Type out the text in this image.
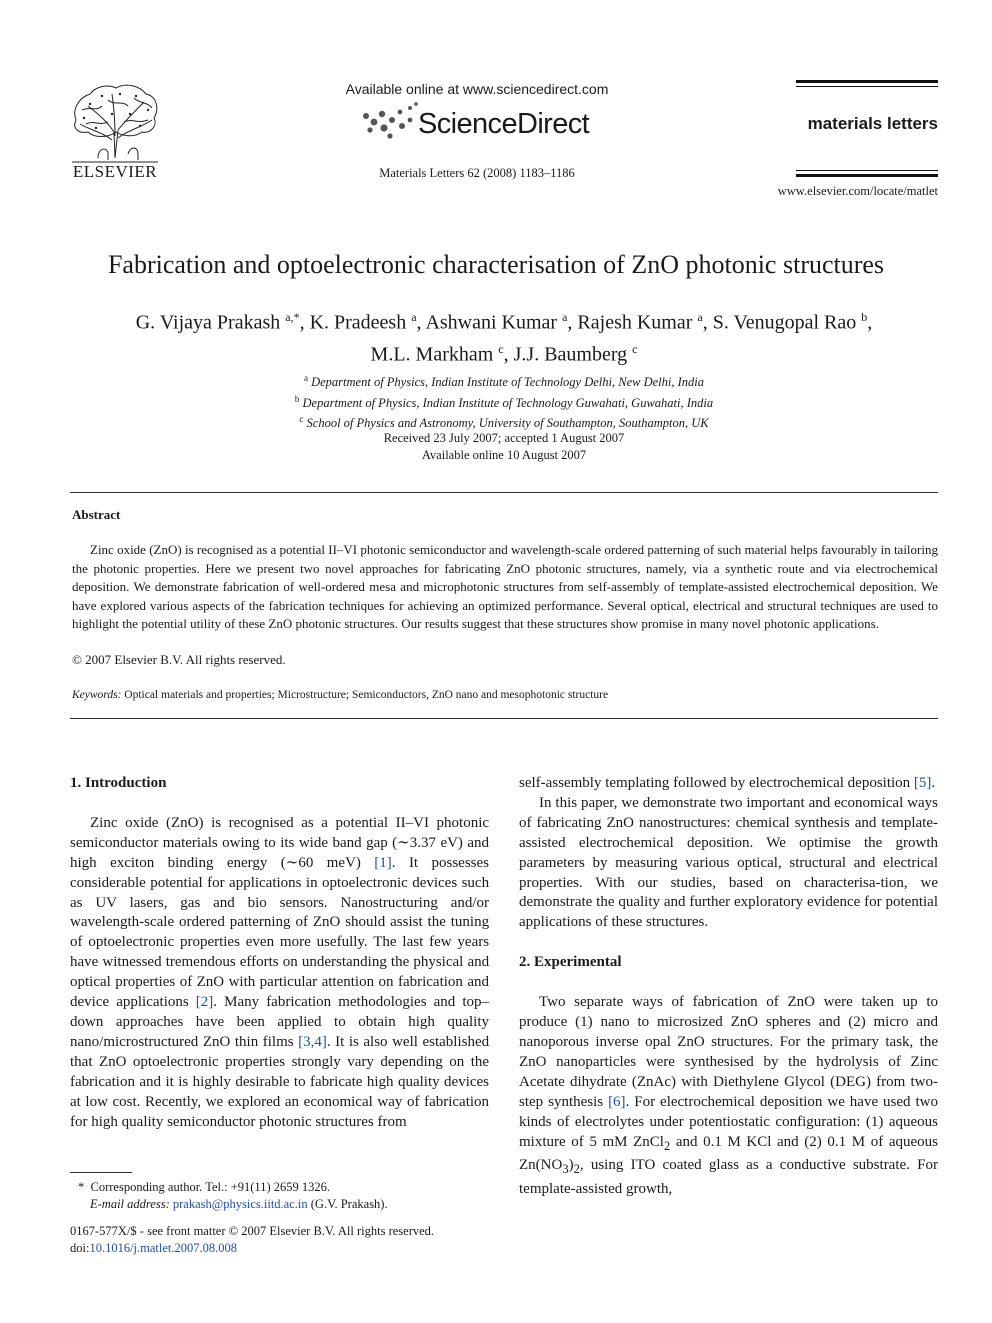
ELSEVIER
Available online at www.sciencedirect.com
ScienceDirect
Materials Letters 62 (2008) 1183–1186
materials letters
www.elsevier.com/locate/matlet
Fabrication and optoelectronic characterisation of ZnO photonic structures
G. Vijaya Prakash $^{a,*}$, K. Pradeesh $^a$, Ashwani Kumar $^a$, Rajesh Kumar $^a$, S. Venugopal Rao $^b$,
M.L. Markham $^c$, J.J. Baumberg $^c$
$^a$ Department of Physics, Indian Institute of Technology Delhi, New Delhi, India
$^b$ Department of Physics, Indian Institute of Technology Guwahati, Guwahati, India
$^c$ School of Physics and Astronomy, University of Southampton, Southampton, UK
Received 23 July 2007; accepted 1 August 2007
Available online 10 August 2007
Abstract

Zinc oxide (ZnO) is recognised as a potential II–VI photonic semiconductor and wavelength-scale ordered patterning of such material helps favourably in tailoring the photonic properties. Here we present two novel approaches for fabricating ZnO photonic structures, namely, via a synthetic route and via electrochemical deposition. We demonstrate fabrication of well-ordered mesa and microphotonic structures from self-assembly of template-assisted electrochemical deposition. We have explored various aspects of the fabrication techniques for achieving an optimized performance. Several optical, electrical and structural techniques are used to highlight the potential utility of these ZnO photonic structures. Our results suggest that these structures show promise in many novel photonic applications.

© 2007 Elsevier B.V. All rights reserved.
Keywords: Optical materials and properties; Microstructure; Semiconductors, ZnO nano and mesophotonic structure
1. Introduction

Zinc oxide (ZnO) is recognised as a potential II–VI photonic semiconductor materials owing to its wide band gap (∼3.37 eV) and high exciton binding energy (∼60 meV) [1]. It possesses considerable potential for applications in optoelectronic devices such as UV lasers, gas and bio sensors. Nanostructuring and/or wavelength-scale ordered patterning of ZnO should assist the tuning of optoelectronic properties even more usefully. The last few years have witnessed tremendous efforts on understanding the physical and optical properties of ZnO with particular attention on fabrication and device applications [2]. Many fabrication methodologies and top–down approaches have been applied to obtain high quality nano/microstructured ZnO thin films [3,4]. It is also well established that ZnO optoelectronic properties strongly vary depending on the fabrication and it is highly desirable to fabricate high quality devices at low cost. Recently, we explored an economical way of fabrication for high quality semiconductor photonic structures from

self-assembly templating followed by electrochemical deposition [5].

In this paper, we demonstrate two important and economical ways of fabricating ZnO nanostructures: chemical synthesis and template-assisted electrochemical deposition. We optimise the growth parameters by measuring various optical, structural and electrical properties. With our studies, based on characterisa-tion, we demonstrate the quality and further exploratory evidence for potential applications of these structures.

2. Experimental

Two separate ways of fabrication of ZnO were taken up to produce (1) nano to microsized ZnO spheres and (2) micro and nanoporous inverse opal ZnO structures. For the primary task, the ZnO nanoparticles were synthesised by the hydrolysis of Zinc Acetate dihydrate (ZnAc) with Diethylene Glycol (DEG) from two-step synthesis [6]. For electrochemical deposition we have used two kinds of electrolytes under potentiostatic configuration: (1) aqueous mixture of 5 mM ZnCl$_2$ and 0.1 M KCl and (2) 0.1 M of aqueous $Zn(NO_3)_2$, using ITO coated glass as a conductive substrate. For template-assisted growth,

* Corresponding author. Tel.: +91(11) 2659 1326.
E-mail address: prakash@physics.iitd.ac.in (G.V. Prakash).
0167-577X/$ - see front matter © 2007 Elsevier B.V. All rights reserved.
doi:10.1016/j.matlet.2007.08.008
